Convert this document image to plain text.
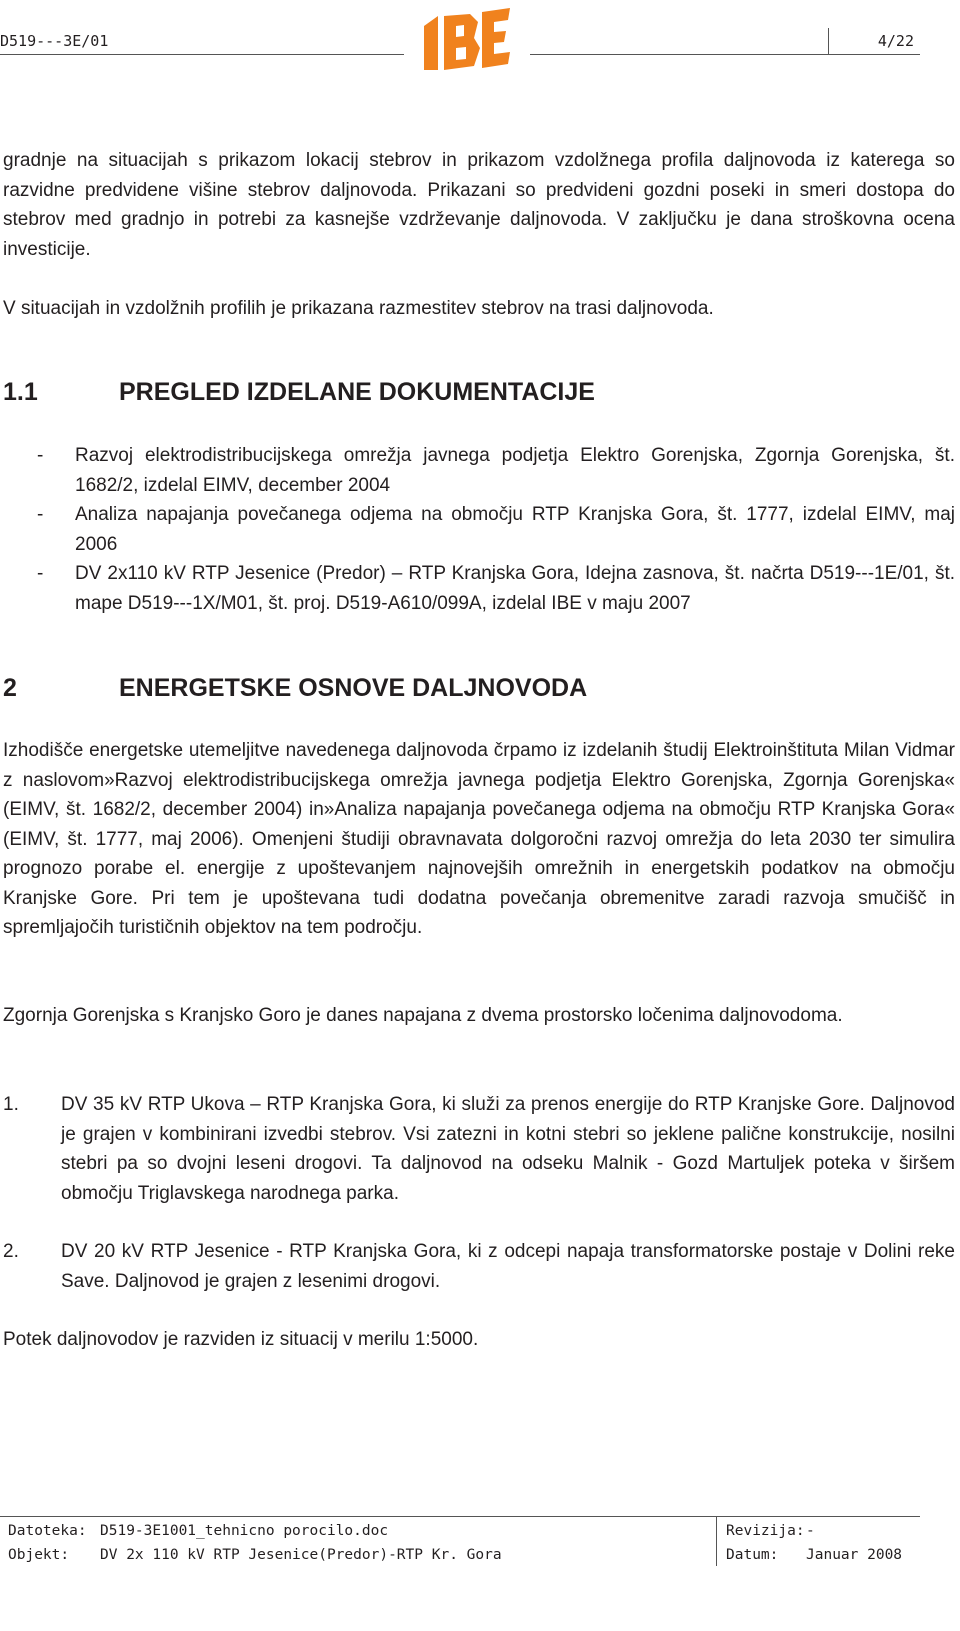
D519---3E/01	4/22
gradnje na situacijah s prikazom lokacij stebrov in prikazom vzdolžnega profila daljnovoda iz katerega so razvidne predvidene višine stebrov daljnovoda. Prikazani so predvideni gozdni poseki in smeri dostopa do stebrov med gradnjo in potrebi za kasnejše vzdrževanje daljnovoda. V zaključku je dana stroškovna ocena investicije.
V situacijah in vzdolžnih profilih je prikazana razmestitev stebrov na trasi daljnovoda.
1.1	PREGLED IZDELANE DOKUMENTACIJE
- Razvoj elektrodistribucijskega omrežja javnega podjetja Elektro Gorenjska, Zgornja Gorenjska, št. 1682/2, izdelal EIMV, december 2004
- Analiza napajanja povečanega odjema na območju RTP Kranjska Gora, št. 1777, izdelal EIMV, maj 2006
- DV 2x110 kV RTP Jesenice (Predor) – RTP Kranjska Gora, Idejna zasnova, št. načrta D519---1E/01, št. mape D519---1X/M01, št. proj. D519-A610/099A, izdelal IBE v maju 2007
2	ENERGETSKE OSNOVE DALJNOVODA
Izhodišče energetske utemeljitve navedenega daljnovoda črpamo iz izdelanih študij Elektroinštituta Milan Vidmar z naslovom»Razvoj elektrodistribucijskega omrežja javnega podjetja Elektro Gorenjska, Zgornja Gorenjska« (EIMV, št. 1682/2, december 2004) in»Analiza napajanja povečanega odjema na območju RTP Kranjska Gora« (EIMV, št. 1777, maj 2006). Omenjeni študiji obravnavata dolgoročni razvoj omrežja do leta 2030 ter simulira prognozo porabe el. energije z upoštevanjem najnovejših omrežnih in energetskih podatkov na območju Kranjske Gore. Pri tem je upoštevana tudi dodatna povečanja obremenitve zaradi razvoja smučišč in spremljajočih turističnih objektov na tem področju.
Zgornja Gorenjska s Kranjsko Goro je danes napajana z dvema prostorsko ločenima daljnovodoma.
1. DV 35 kV RTP Ukova – RTP Kranjska Gora, ki služi za prenos energije do RTP Kranjske Gore. Daljnovod je grajen v kombinirani izvedbi stebrov. Vsi zatezni in kotni stebri so jeklene palične konstrukcije, nosilni stebri pa so dvojni leseni drogovi. Ta daljnovod na odseku Malnik - Gozd Martuljek poteka v širšem območju Triglavskega narodnega parka.
2. DV 20 kV RTP Jesenice - RTP Kranjska Gora, ki z odcepi napaja transformatorske postaje v Dolini reke Save. Daljnovod je grajen z lesenimi drogovi.
Potek daljnovodov je razviden iz situacij v merilu 1:5000.
Datoteka: D519-3E1001_tehnicno porocilo.doc	Revizija: -
Objekt: DV 2x 110 kV RTP Jesenice(Predor)-RTP Kr. Gora	Datum: Januar 2008
